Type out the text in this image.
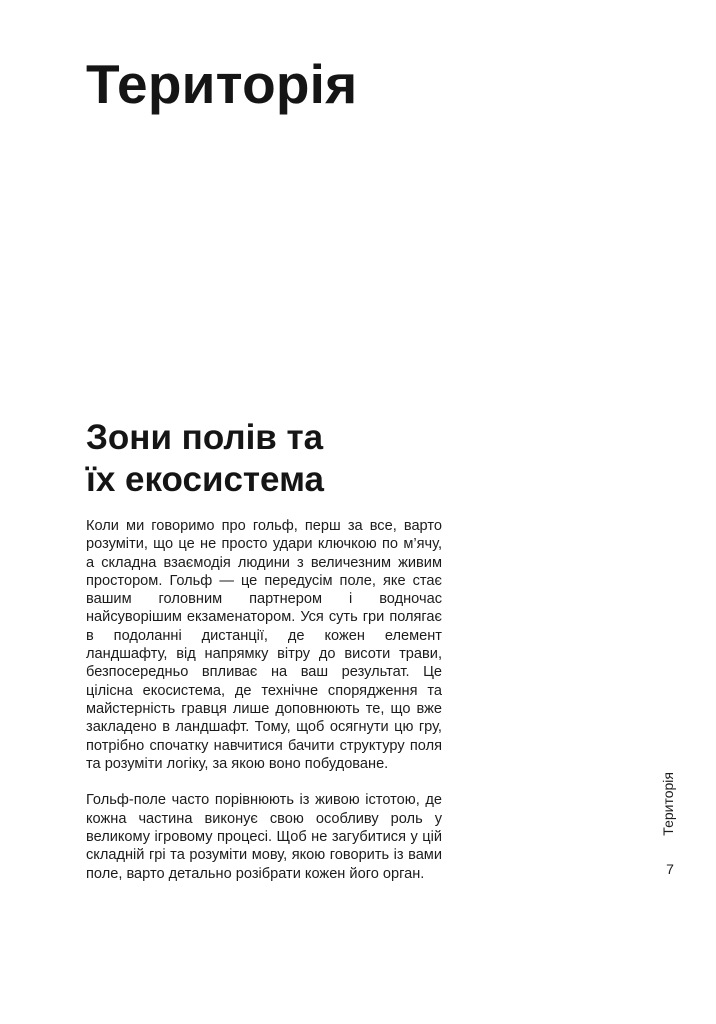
Територія
Зони полів та
їх екосистема

Коли ми говоримо про гольф, перш за все, варто розуміти, що це не просто удари ключкою по м’ячу, а складна взаємодія людини з величезним живим простором. Гольф — це передусім поле, яке стає вашим головним партнером і водночас найсуворішим екзаменатором. Уся суть гри полягає в подоланні дистанції, де кожен елемент ландшафту, від напрямку вітру до висоти трави, безпосередньо впливає на ваш результат. Це цілісна екосистема, де технічне спорядження та майстерність гравця лише доповнюють те, що вже закладено в ландшафт. Тому, щоб осягнути цю гру, потрібно спочатку навчитися бачити структуру поля та розуміти логіку, за якою воно побудоване.

Гольф-поле часто порівнюють із живою істотою, де кожна частина виконує свою особливу роль у великому ігровому процесі. Щоб не загубитися у цій складній грі та розуміти мову, якою говорить із вами поле, варто детально розібрати кожен його орган.

Територія
7
